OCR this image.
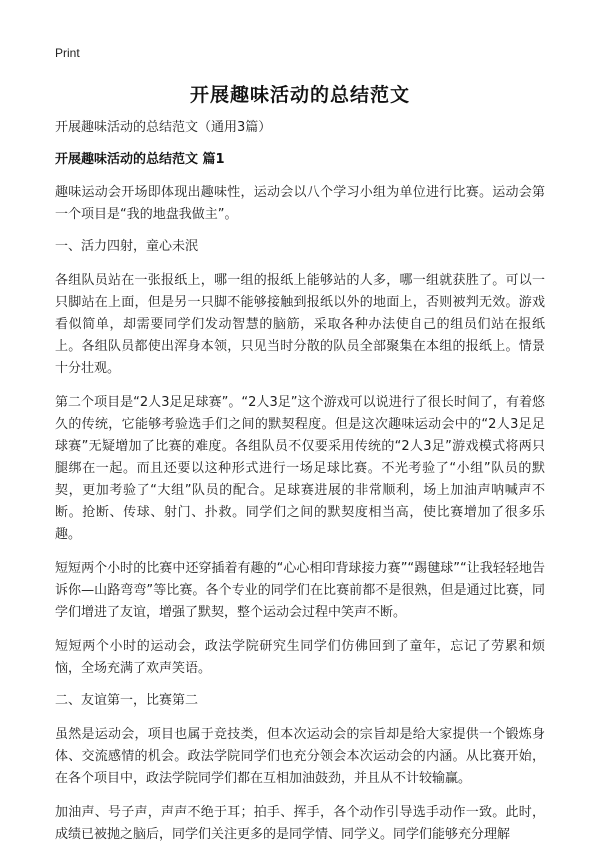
Print
开展趣味活动的总结范文
开展趣味活动的总结范文（通用3篇）
开展趣味活动的总结范文 篇1
趣味运动会开场即体现出趣味性，运动会以八个学习小组为单位进行比赛。运动会第一个项目是“我的地盘我做主”。
一、活力四射，童心未泯
各组队员站在一张报纸上，哪一组的报纸上能够站的人多，哪一组就获胜了。可以一只脚站在上面，但是另一只脚不能够接触到报纸以外的地面上，否则被判无效。游戏看似简单，却需要同学们发动智慧的脑筋，采取各种办法使自己的组员们站在报纸上。各组队员都使出浑身本领，只见当时分散的队员全部聚集在本组的报纸上。情景十分壮观。
第二个项目是“2人3足足球赛”。“2人3足”这个游戏可以说进行了很长时间了，有着悠久的传统，它能够考验选手们之间的默契程度。但是这次趣味运动会中的“2人3足足球赛”无疑增加了比赛的难度。各组队员不仅要采用传统的“2人3足”游戏模式将两只腿绑在一起。而且还要以这种形式进行一场足球比赛。不光考验了“小组”队员的默契，更加考验了“大组”队员的配合。足球赛进展的非常顺利，场上加油声呐喊声不断。抢断、传球、射门、扑救。同学们之间的默契度相当高，使比赛增加了很多乐趣。
短短两个小时的比赛中还穿插着有趣的“心心相印背球接力赛”“踢毽球”“让我轻轻地告诉你—山路弯弯”等比赛。各个专业的同学们在比赛前都不是很熟，但是通过比赛，同学们增进了友谊，增强了默契，整个运动会过程中笑声不断。
短短两个小时的运动会，政法学院研究生同学们仿佛回到了童年，忘记了劳累和烦恼，全场充满了欢声笑语。
二、友谊第一，比赛第二
虽然是运动会，项目也属于竞技类，但本次运动会的宗旨却是给大家提供一个锻炼身体、交流感情的机会。政法学院同学们也充分领会本次运动会的内涵。从比赛开始，在各个项目中，政法学院同学们都在互相加油鼓劲，并且从不计较输赢。
加油声、号子声，声声不绝于耳；拍手、挥手，各个动作引导选手动作一致。此时，成绩已被抛之脑后，同学们关注更多的是同学情、同学义。同学们能够充分理解
